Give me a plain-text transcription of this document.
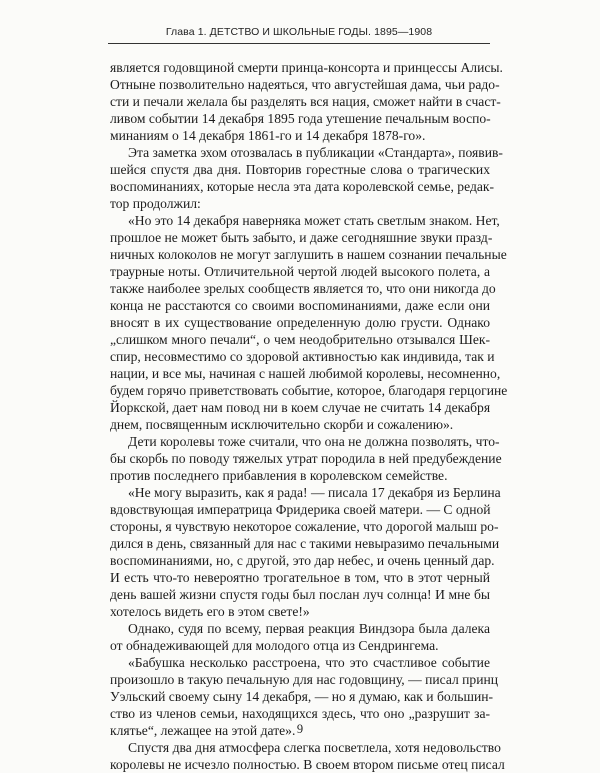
Глава 1. ДЕТСТВО И ШКОЛЬНЫЕ ГОДЫ. 1895—1908
является годовщиной смерти принца-консорта и принцессы Алисы.
Отныне позволительно надеяться, что августейшая дама, чьи радо-
сти и печали желала бы разделять вся нация, сможет найти в счаст-
ливом событии 14 декабря 1895 года утешение печальным воспо-
минаниям о 14 декабря 1861-го и 14 декабря 1878-го».
Эта заметка эхом отозвалась в публикации «Стандарта», появив-
шейся спустя два дня. Повторив горестные слова о трагических
воспоминаниях, которые несла эта дата королевской семье, редак-
тор продолжил:
«Но это 14 декабря наверняка может стать светлым знаком. Нет,
прошлое не может быть забыто, и даже сегодняшние звуки празд-
ничных колоколов не могут заглушить в нашем сознании печальные
траурные ноты. Отличительной чертой людей высокого полета, а
также наиболее зрелых сообществ является то, что они никогда до
конца не расстаются со своими воспоминаниями, даже если они
вносят в их существование определенную долю грусти. Однако
„слишком много печали“, о чем неодобрительно отзывался Шек-
спир, несовместимо со здоровой активностью как индивида, так и
нации, и все мы, начиная с нашей любимой королевы, несомненно,
будем горячо приветствовать событие, которое, благодаря герцогине
Йоркской, дает нам повод ни в коем случае не считать 14 декабря
днем, посвященным исключительно скорби и сожалению».
Дети королевы тоже считали, что она не должна позволять, что-
бы скорбь по поводу тяжелых утрат породила в ней предубеждение
против последнего прибавления в королевском семействе.
«Не могу выразить, как я рада! — писала 17 декабря из Берлина
вдовствующая императрица Фридерика своей матери. — С одной
стороны, я чувствую некоторое сожаление, что дорогой малыш ро-
дился в день, связанный для нас с такими невыразимо печальными
воспоминаниями, но, с другой, это дар небес, и очень ценный дар.
И есть что-то невероятно трогательное в том, что в этот черный
день вашей жизни спустя годы был послан луч солнца! И мне бы
хотелось видеть его в этом свете!»
Однако, судя по всему, первая реакция Виндзора была далека
от обнадеживающей для молодого отца из Сендрингема.
«Бабушка несколько расстроена, что это счастливое событие
произошло в такую печальную для нас годовщину, — писал принц
Уэльский своему сыну 14 декабря, — но я думаю, как и большин-
ство из членов семьи, находящихся здесь, что оно „разрушит за-
клятье“, лежащее на этой дате».
Спустя два дня атмосфера слегка посветлела, хотя недовольство
королевы не исчезло полностью. В своем втором письме отец писал
9
